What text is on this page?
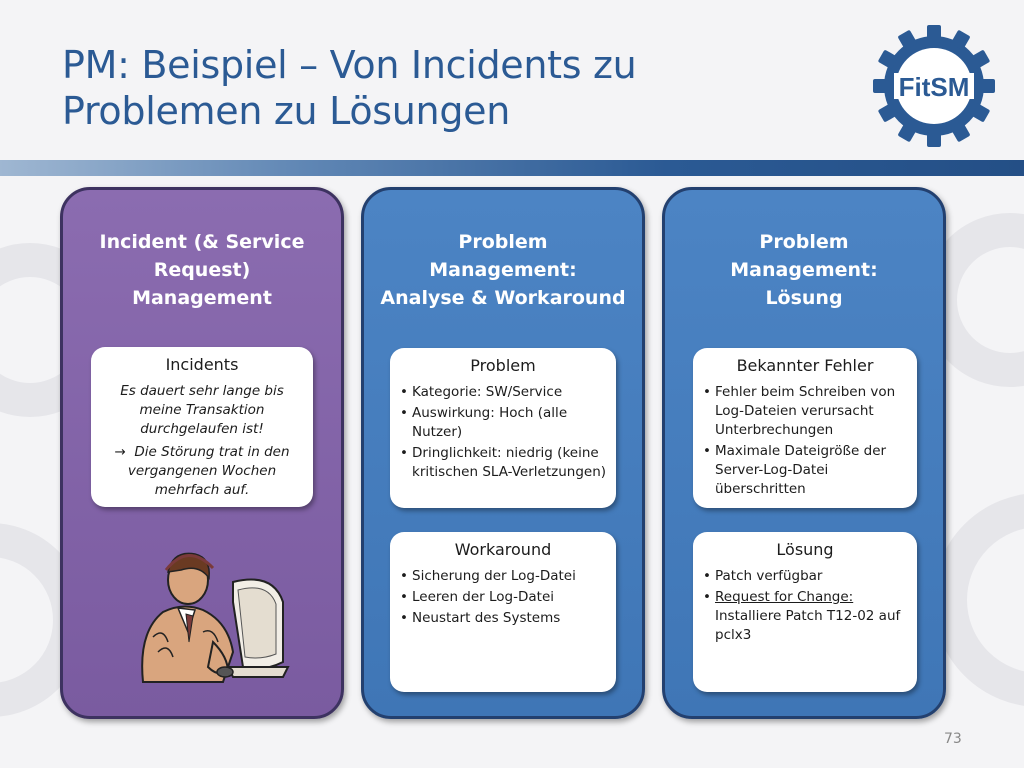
PM: Beispiel – Von Incidents zu
Problemen zu Lösungen
FitSM
Incident (& Service
Request)
Management
Incidents
Es dauert sehr lange bis
meine Transaktion
durchgelaufen ist!
→ Die Störung trat in den
vergangenen Wochen
mehrfach auf.
Problem
Management:
Analyse & Workaround
Problem
• Kategorie: SW/Service
• Auswirkung: Hoch (alle Nutzer)
• Dringlichkeit: niedrig (keine kritischen SLA-Verletzungen)
Workaround
• Sicherung der Log-Datei
• Leeren der Log-Datei
• Neustart des Systems
Problem
Management:
Lösung
Bekannter Fehler
• Fehler beim Schreiben von Log-Dateien verursacht Unterbrechungen
• Maximale Dateigröße der Server-Log-Datei überschritten
Lösung
• Patch verfügbar
• Request for Change: Installiere Patch T12-02 auf pclx3
73
